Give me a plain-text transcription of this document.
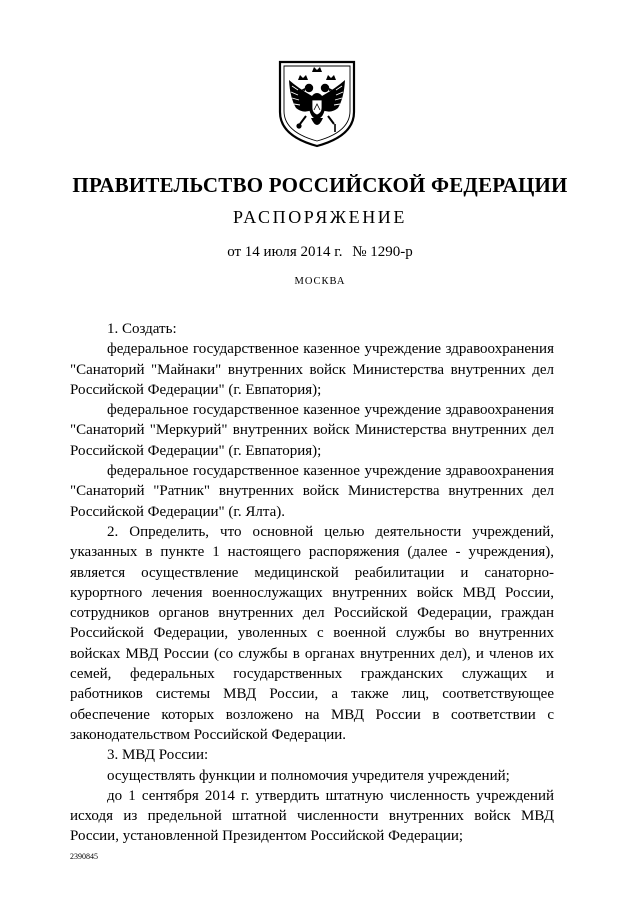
ПРАВИТЕЛЬСТВО РОССИЙСКОЙ ФЕДЕРАЦИИ
РАСПОРЯЖЕНИЕ
от 14 июля 2014 г. № 1290-р
МОСКВА

1. Создать:

федеральное государственное казенное учреждение здравоохранения "Санаторий "Майнаки" внутренних войск Министерства внутренних дел Российской Федерации" (г. Евпатория);

федеральное государственное казенное учреждение здравоохранения "Санаторий "Меркурий" внутренних войск Министерства внутренних дел Российской Федерации" (г. Евпатория);

федеральное государственное казенное учреждение здравоохранения "Санаторий "Ратник" внутренних войск Министерства внутренних дел Российской Федерации" (г. Ялта).

2. Определить, что основной целью деятельности учреждений, указанных в пункте 1 настоящего распоряжения (далее - учреждения), является осуществление медицинской реабилитации и санаторно-курортного лечения военнослужащих внутренних войск МВД России, сотрудников органов внутренних дел Российской Федерации, граждан Российской Федерации, уволенных с военной службы во внутренних войсках МВД России (со службы в органах внутренних дел), и членов их семей, федеральных государственных гражданских служащих и работников системы МВД России, а также лиц, соответствующее обеспечение которых возложено на МВД России в соответствии с законодательством Российской Федерации.

3. МВД России:

осуществлять функции и полномочия учредителя учреждений;

до 1 сентября 2014 г. утвердить штатную численность учреждений исходя из предельной штатной численности внутренних войск МВД России, установленной Президентом Российской Федерации;

2390845
